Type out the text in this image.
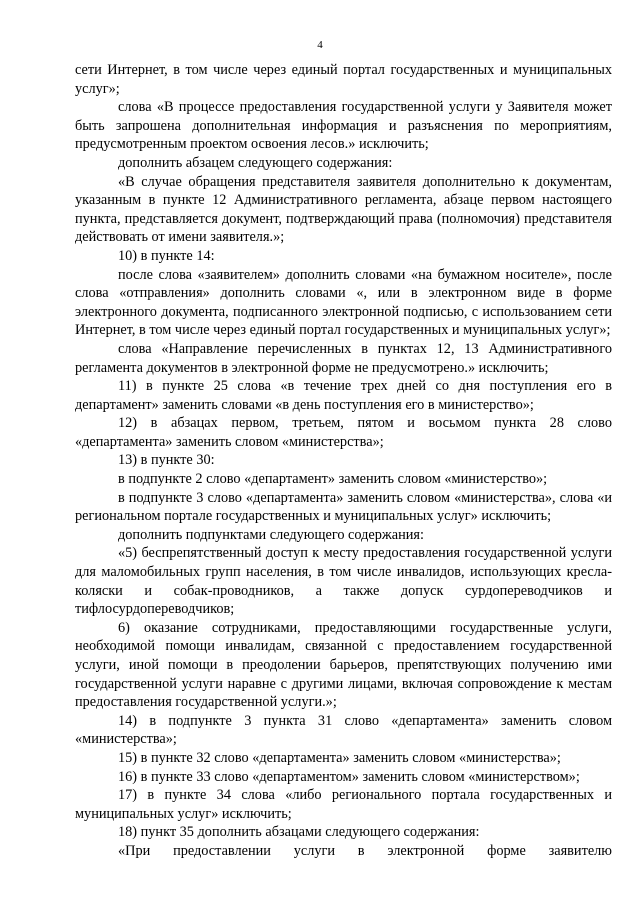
4

сети Интернет, в том числе через единый портал государственных и муниципальных услуг»;

слова «В процессе предоставления государственной услуги у Заявителя может быть запрошена дополнительная информация и разъяснения по мероприятиям, предусмотренным проектом освоения лесов.» исключить;

дополнить абзацем следующего содержания:

«В случае обращения представителя заявителя дополнительно к документам, указанным в пункте 12 Административного регламента, абзаце первом настоящего пункта, представляется документ, подтверждающий права (полномочия) представителя действовать от имени заявителя.»;

10) в пункте 14:

после слова «заявителем» дополнить словами «на бумажном носителе», после слова «отправления» дополнить словами «, или в электронном виде в форме электронного документа, подписанного электронной подписью, с использованием сети Интернет, в том числе через единый портал государственных и муниципальных услуг»;

слова «Направление перечисленных в пунктах 12, 13 Административного регламента документов в электронной форме не предусмотрено.» исключить;

11) в пункте 25 слова «в течение трех дней со дня поступления его в департамент» заменить словами «в день поступления его в министерство»;

12) в абзацах первом, третьем, пятом и восьмом пункта 28 слово «департамента» заменить словом «министерства»;

13) в пункте 30:

в подпункте 2 слово «департамент» заменить словом «министерство»;

в подпункте 3 слово «департамента» заменить словом «министерства», слова «и региональном портале государственных и муниципальных услуг» исключить;

дополнить подпунктами следующего содержания:

«5) беспрепятственный доступ к месту предоставления государственной услуги для маломобильных групп населения, в том числе инвалидов, использующих кресла-коляски и собак-проводников, а также допуск сурдопереводчиков и тифлосурдопереводчиков;

6) оказание сотрудниками, предоставляющими государственные услуги, необходимой помощи инвалидам, связанной с предоставлением государственной услуги, иной помощи в преодолении барьеров, препятствующих получению ими государственной услуги наравне с другими лицами, включая сопровождение к местам предоставления государственной услуги.»;

14) в подпункте 3 пункта 31 слово «департамента» заменить словом «министерства»;

15) в пункте 32 слово «департамента» заменить словом «министерства»;

16) в пункте 33 слово «департаментом» заменить словом «министерством»;

17) в пункте 34 слова «либо регионального портала государственных и муниципальных услуг» исключить;

18) пункт 35 дополнить абзацами следующего содержания:

«При предоставлении услуги в электронной форме заявителю
